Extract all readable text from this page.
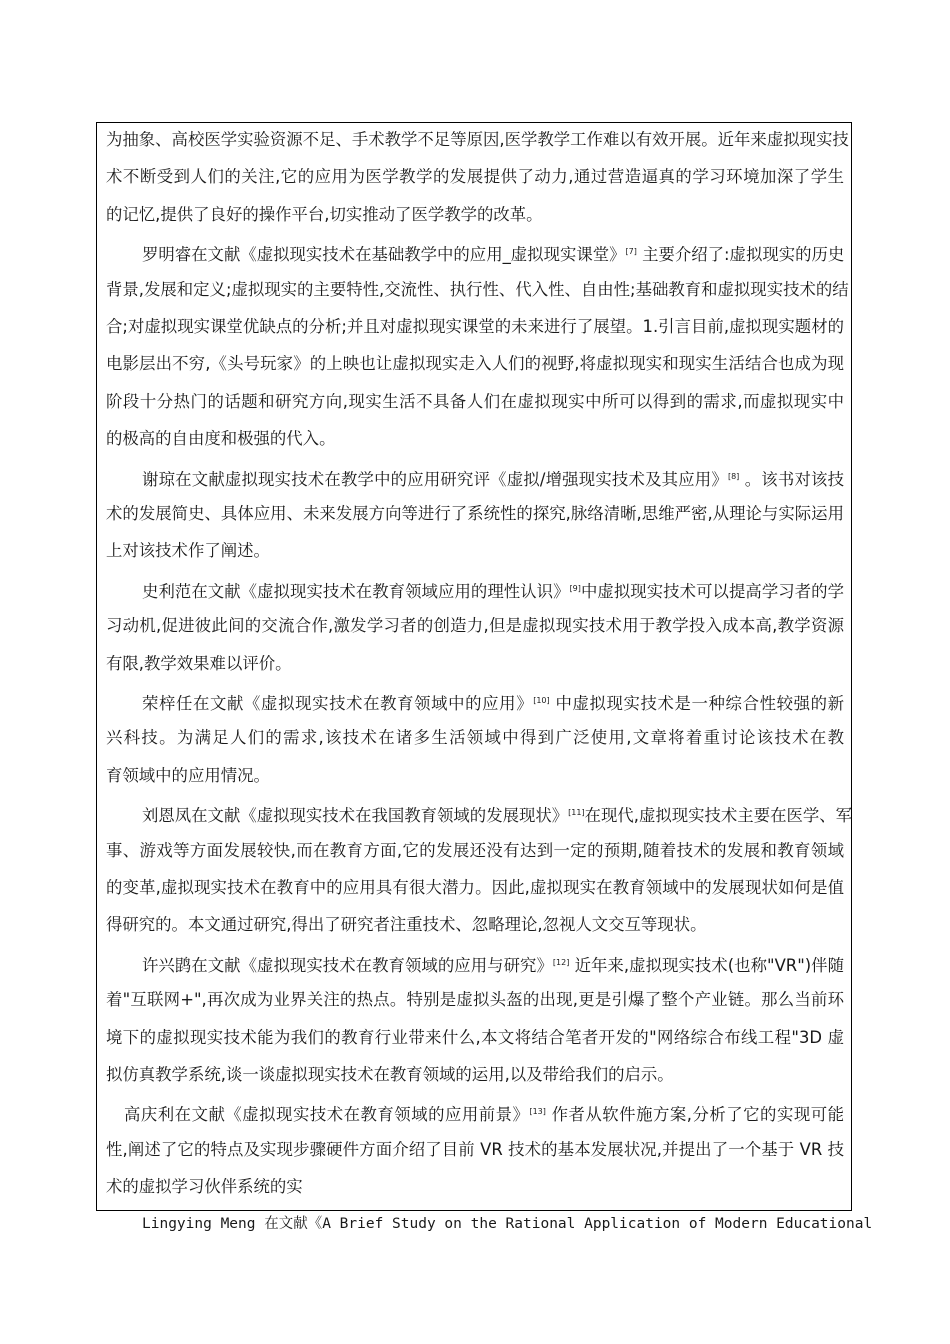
为抽象、高校医学实验资源不足、手术教学不足等原因,医学教学工作难以有效开展。近年来虚拟现实技
术不断受到人们的关注,它的应用为医学教学的发展提供了动力,通过营造逼真的学习环境加深了学生
的记忆,提供了良好的操作平台,切实推动了医学教学的改革。
罗明睿在文献《虚拟现实技术在基础教学中的应用_虚拟现实课堂》[7] 主要介绍了:虚拟现实的历史
背景,发展和定义;虚拟现实的主要特性,交流性、执行性、代入性、自由性;基础教育和虚拟现实技术的结
合;对虚拟现实课堂优缺点的分析;并且对虚拟现实课堂的未来进行了展望。1.引言目前,虚拟现实题材的
电影层出不穷,《头号玩家》的上映也让虚拟现实走入人们的视野,将虚拟现实和现实生活结合也成为现
阶段十分热门的话题和研究方向,现实生活不具备人们在虚拟现实中所可以得到的需求,而虚拟现实中
的极高的自由度和极强的代入。
谢琼在文献虚拟现实技术在教学中的应用研究评《虚拟/增强现实技术及其应用》[8] 。该书对该技
术的发展简史、具体应用、未来发展方向等进行了系统性的探究,脉络清晰,思维严密,从理论与实际运用
上对该技术作了阐述。
史利范在文献《虚拟现实技术在教育领域应用的理性认识》[9]中虚拟现实技术可以提高学习者的学
习动机,促进彼此间的交流合作,激发学习者的创造力,但是虚拟现实技术用于教学投入成本高,教学资源
有限,教学效果难以评价。
荣梓任在文献《虚拟现实技术在教育领域中的应用》[10] 中虚拟现实技术是一种综合性较强的新
兴科技。为满足人们的需求,该技术在诸多生活领域中得到广泛使用,文章将着重讨论该技术在教
育领域中的应用情况。
刘恩凤在文献《虚拟现实技术在我国教育领域的发展现状》[11]在现代,虚拟现实技术主要在医学、军
事、游戏等方面发展较快,而在教育方面,它的发展还没有达到一定的预期,随着技术的发展和教育领域
的变革,虚拟现实技术在教育中的应用具有很大潜力。因此,虚拟现实在教育领域中的发展现状如何是值
得研究的。本文通过研究,得出了研究者注重技术、忽略理论,忽视人文交互等现状。
许兴鹍在文献《虚拟现实技术在教育领域的应用与研究》[12] 近年来,虚拟现实技术(也称"VR")伴随
着"互联网+",再次成为业界关注的热点。特别是虚拟头盔的出现,更是引爆了整个产业链。那么当前环
境下的虚拟现实技术能为我们的教育行业带来什么,本文将结合笔者开发的"网络综合布线工程"3D 虚
拟仿真教学系统,谈一谈虚拟现实技术在教育领域的运用,以及带给我们的启示。
高庆利在文献《虚拟现实技术在教育领域的应用前景》[13] 作者从软件施方案,分析了它的实现可能
性,阐述了它的特点及实现步骤硬件方面介绍了目前 VR 技术的基本发展状况,并提出了一个基于 VR 技
术的虚拟学习伙伴系统的实
Lingying Meng 在文献《A Brief Study on the Rational Application of Modern Educational
